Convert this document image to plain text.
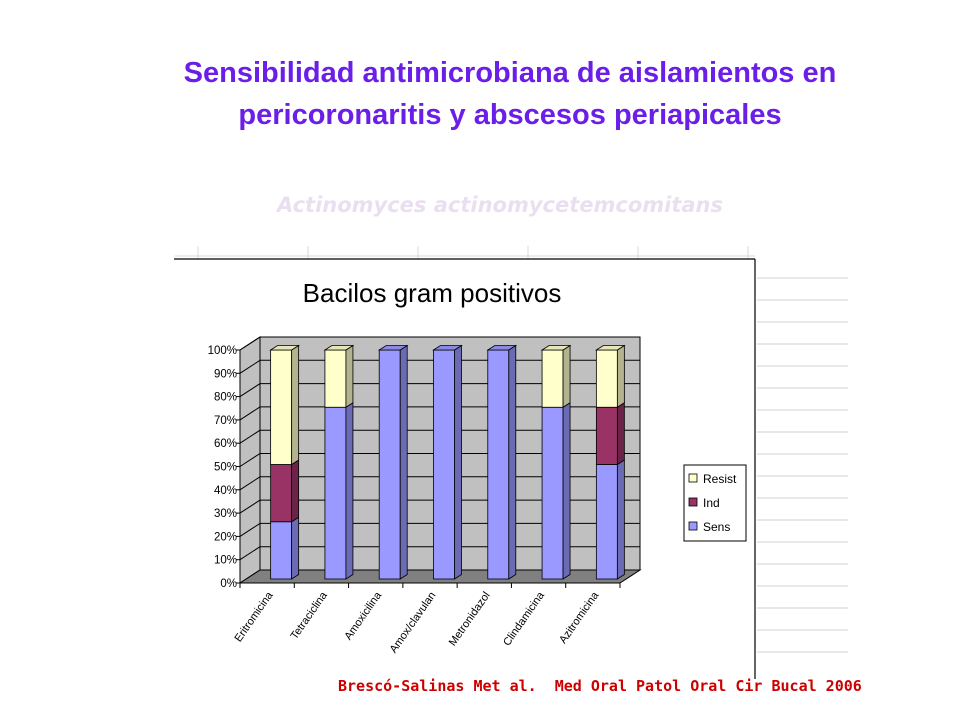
Sensibilidad antimicrobiana de aislamientos en
pericoronaritis y abscesos periapicales
Actinomyces actinomycetemcomitans
Bacilos gram positivos
0%
10%
20%
30%
40%
50%
60%
70%
80%
90%
100%
Eritromicina Tetraciclina Amoxicilina Amox/clavulan Metronidazol Clindamicina Azitromicina
Resist
Ind
Sens
Brescó-Salinas Met al.  Med Oral Patol Oral Cir Bucal 2006
